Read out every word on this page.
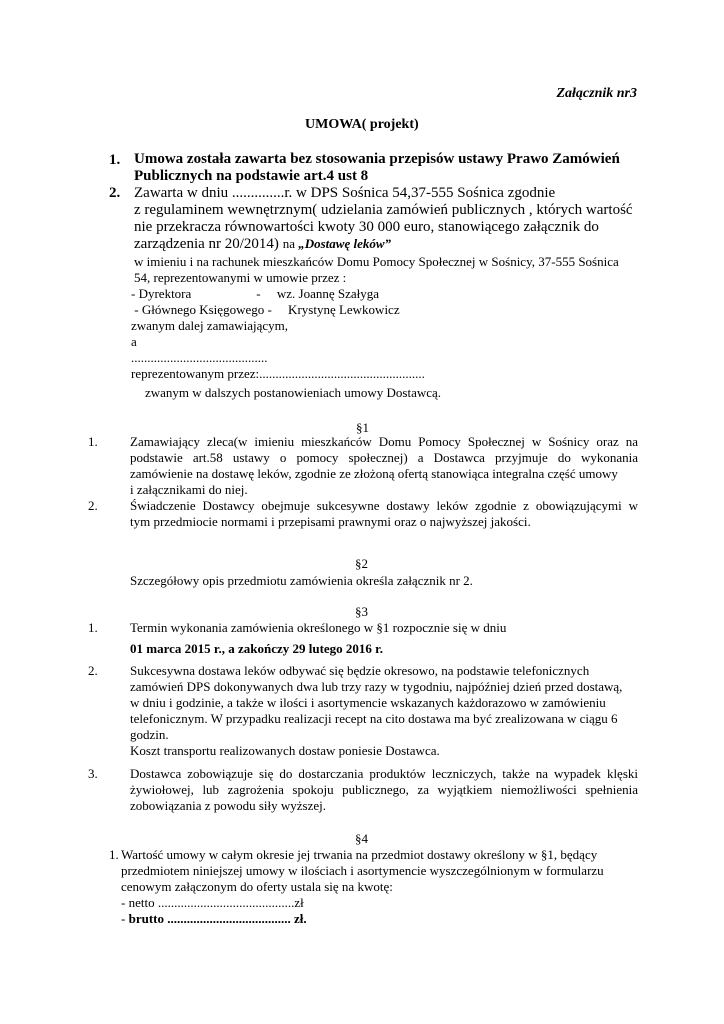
Załącznik nr3
UMOWA( projekt)
1. Umowa została zawarta bez stosowania przepisów ustawy Prawo Zamówień
Publicznych na podstawie art.4 ust 8
2. Zawarta w dniu ..............r. w DPS Sośnica 54,37-555 Sośnica zgodnie
z regulaminem wewnętrznym( udzielania zamówień publicznych , których wartość
nie przekracza równowartości kwoty 30 000 euro, stanowiącego załącznik do
zarządzenia nr 20/2014) na „Dostawę leków”
w imieniu i na rachunek mieszkańców Domu Pomocy Społecznej w Sośnicy, 37-555 Sośnica
54, reprezentowanymi w umowie przez :
- Dyrektora                    -     wz. Joannę Szałyga
- Głównego Księgowego -     Krystynę Lewkowicz
zwanym dalej zamawiającym,
a
..........................................
reprezentowanym przez:...................................................
zwanym w dalszych postanowieniach umowy Dostawcą.
§1
1. Zamawiający zleca(w imieniu mieszkańców Domu Pomocy Społecznej w Sośnicy oraz na
podstawie art.58 ustawy o pomocy społecznej) a Dostawca przyjmuje do wykonania
zamówienie na dostawę leków, zgodnie ze złożoną ofertą stanowiąca integralna część umowy
i załącznikami do niej.
2. Świadczenie Dostawcy obejmuje sukcesywne dostawy leków zgodnie z obowiązującymi w
tym przedmiocie normami i przepisami prawnymi oraz o najwyższej jakości.
§2
Szczegółowy opis przedmiotu zamówienia określa załącznik nr 2.
§3
1. Termin wykonania zamówienia określonego w §1 rozpocznie się w dniu
01 marca 2015 r., a zakończy 29 lutego 2016 r.
2. Sukcesywna dostawa leków odbywać się będzie okresowo, na podstawie telefonicznych
zamówień DPS dokonywanych dwa lub trzy razy w tygodniu, najpóźniej dzień przed dostawą,
w dniu i godzinie, a także w ilości i asortymencie wskazanych każdorazowo w zamówieniu
telefonicznym. W przypadku realizacji recept na cito dostawa ma być zrealizowana w ciągu 6
godzin.
Koszt transportu realizowanych dostaw poniesie Dostawca.
3. Dostawca zobowiązuje się do dostarczania produktów leczniczych, także na wypadek klęski
żywiołowej, lub zagrożenia spokoju publicznego, za wyjątkiem niemożliwości spełnienia
zobowiązania z powodu siły wyższej.
§4
1. Wartość umowy w całym okresie jej trwania na przedmiot dostawy określony w §1, będący
przedmiotem niniejszej umowy w ilościach i asortymencie wyszczególnionym w formularzu
cenowym załączonym do oferty ustala się na kwotę:
- netto ..........................................zł
- brutto ...................................... zł.
